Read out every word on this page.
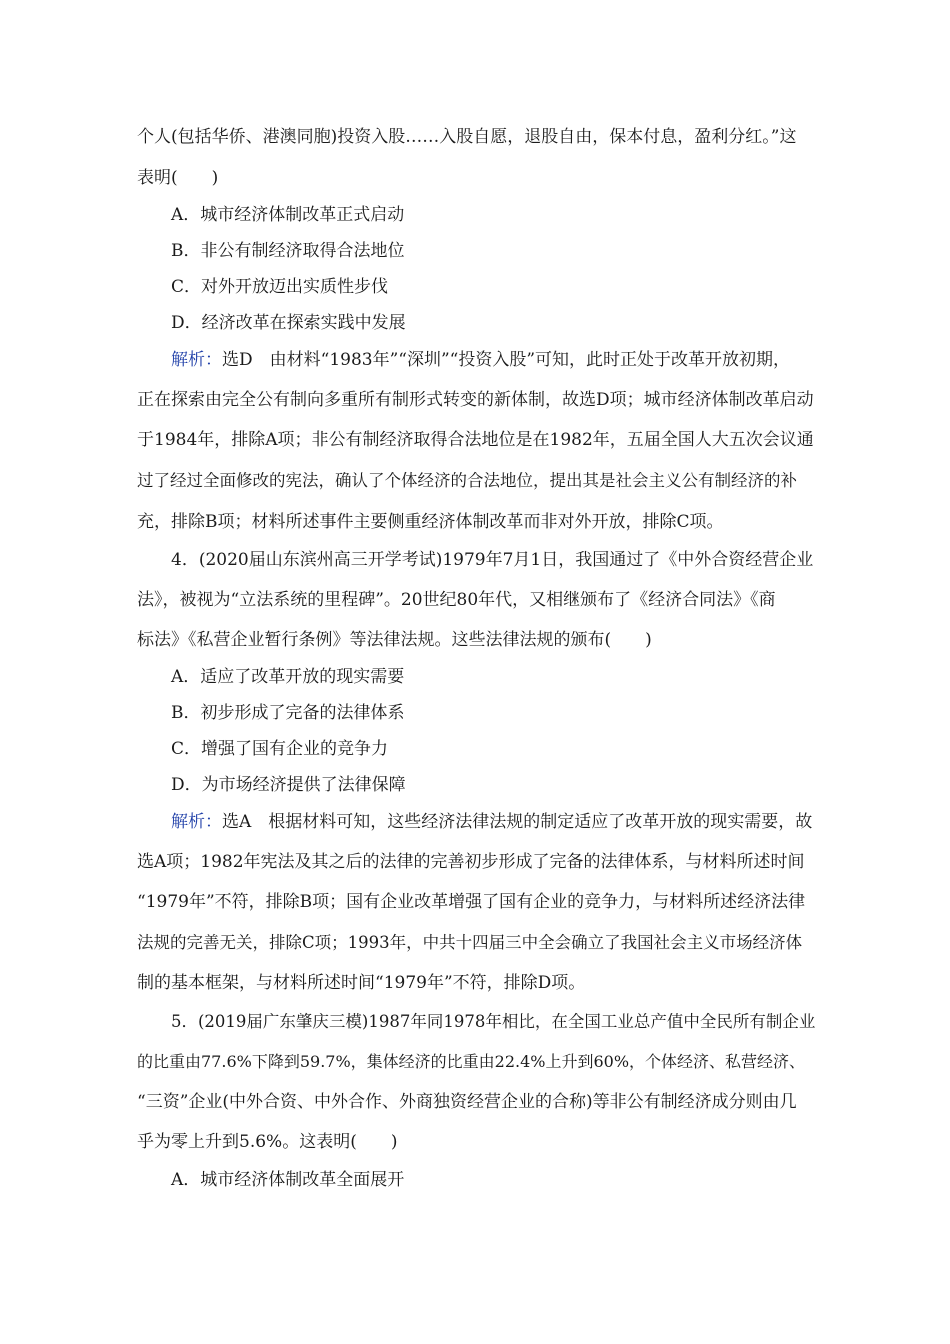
个人(包括华侨、港澳同胞)投资入股……入股自愿，退股自由，保本付息，盈利分红。”这
表明(　　)
A．城市经济体制改革正式启动
B．非公有制经济取得合法地位
C．对外开放迈出实质性步伐
D．经济改革在探索实践中发展
解析：选D　由材料“1983年”“深圳”“投资入股”可知，此时正处于改革开放初期，
正在探索由完全公有制向多重所有制形式转变的新体制，故选D项；城市经济体制改革启动
于1984年，排除A项；非公有制经济取得合法地位是在1982年，五届全国人大五次会议通
过了经过全面修改的宪法，确认了个体经济的合法地位，提出其是社会主义公有制经济的补
充，排除B项；材料所述事件主要侧重经济体制改革而非对外开放，排除C项。
4．(2020届山东滨州高三开学考试)1979年7月1日，我国通过了《中外合资经营企业
法》，被视为“立法系统的里程碑”。20世纪80年代，又相继颁布了《经济合同法》《商
标法》《私营企业暂行条例》等法律法规。这些法律法规的颁布(　　)
A．适应了改革开放的现实需要
B．初步形成了完备的法律体系
C．增强了国有企业的竞争力
D．为市场经济提供了法律保障
解析：选A　根据材料可知，这些经济法律法规的制定适应了改革开放的现实需要，故
选A项；1982年宪法及其之后的法律的完善初步形成了完备的法律体系，与材料所述时间
“1979年”不符，排除B项；国有企业改革增强了国有企业的竞争力，与材料所述经济法律
法规的完善无关，排除C项；1993年，中共十四届三中全会确立了我国社会主义市场经济体
制的基本框架，与材料所述时间“1979年”不符，排除D项。
5．(2019届广东肇庆三模)1987年同1978年相比，在全国工业总产值中全民所有制企业
的比重由77.6%下降到59.7%，集体经济的比重由22.4%上升到60%，个体经济、私营经济、
“三资”企业(中外合资、中外合作、外商独资经营企业的合称)等非公有制经济成分则由几
乎为零上升到5.6%。这表明(　　)
A．城市经济体制改革全面展开
